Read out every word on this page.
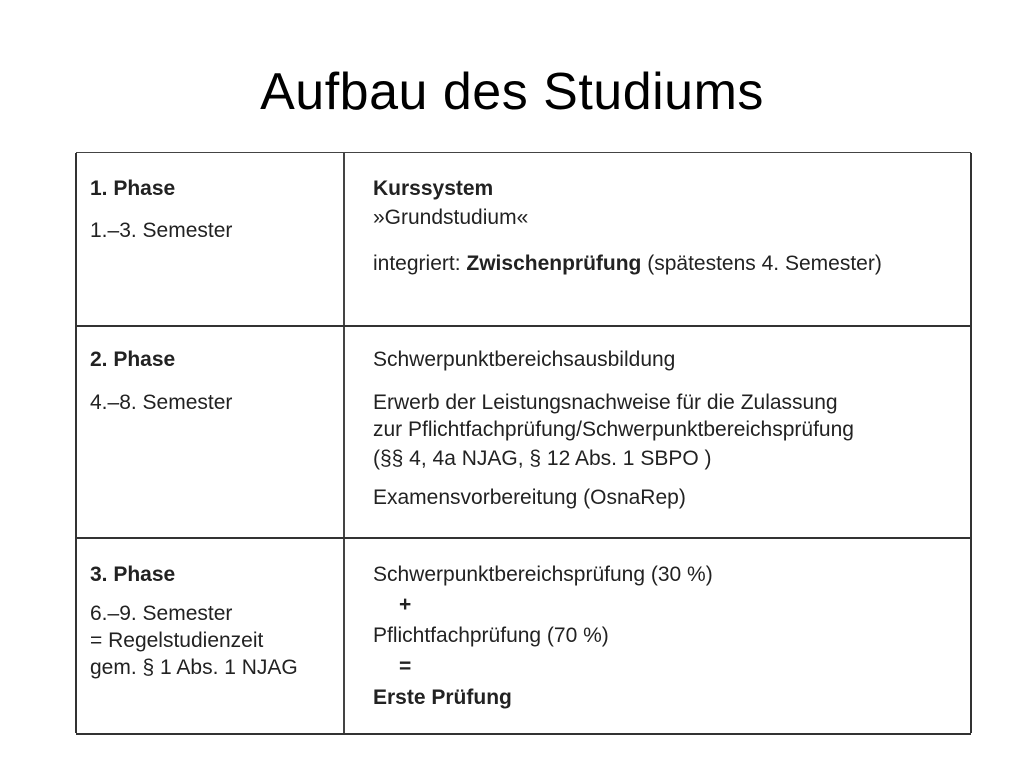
Aufbau des Studiums
1. Phase
1.–3. Semester
Kurssystem
»Grundstudium«
integriert: Zwischenprüfung (spätestens 4. Semester)
2. Phase
4.–8. Semester
Schwerpunktbereichsausbildung
Erwerb der Leistungsnachweise für die Zulassung
zur Pflichtfachprüfung/Schwerpunktbereichsprüfung
(§§ 4, 4a NJAG, § 12 Abs. 1 SBPO )
Examensvorbereitung (OsnaRep)
3. Phase
6.–9. Semester
= Regelstudienzeit
gem. § 1 Abs. 1 NJAG
Schwerpunktbereichsprüfung (30 %)
+
Pflichtfachprüfung (70 %)
=
Erste Prüfung
